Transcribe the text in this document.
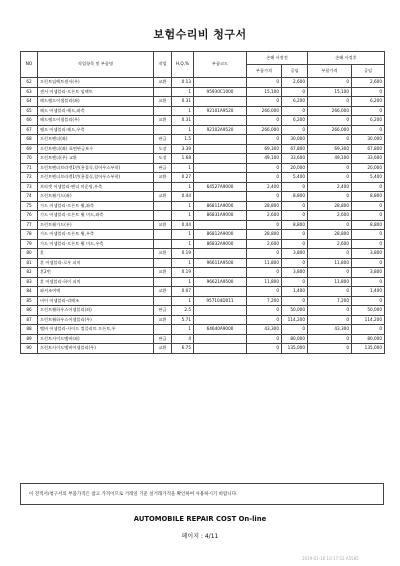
보험수리비 청구서
NO	작업항목 및 부품명	작업	H,Q,%	부품코드	손해 사정전		손해 사정후	
					부품가격	공임	부품가격	공임
62	프런트임팩트센서(우)	교환	0.13		0	2,600	0	2,600
63	센서 어셈블리-프론트 임팩트		1	95930C1000	15,100	0	15,100	0
64	헤드램프어셈블리(좌)	교환	0.31		0	6,200	0	6,200
65	헤드 어셈블리-헤드,좌측		1	92101A9520	266,000	0	266,000	0
66	헤드램프어셈블리(우)	교환	0.31		0	6,200	0	6,200
67	램프 어셈블리-헤드,우측		1	92102A9520	266,000	0	266,000	0
68	프런트펜더(좌)	판금	1.5		0	30,000	0	30,000
69	프런트펜더(좌) 표면판금보수	도장	3.39		69,300	67,800	69,300	67,800
70	프런트펜더(우) 교환	도장	1.68		49,100	33,600	49,100	33,600
71	프런트펜더브라켓1번(용접식,할아우스부착)	판금	1		0	20,000	0	20,000
72	프런트펜더브라켓1번(용접식,할아우스부착)	교환	0.27		0	5,400	0	5,400
73	브라켓 어셈블리-펜더 마운팅,우측		1	64527A9000	2,400	0	2,400	0
74	프런트휠가드(좌)	교환	0.44		0	8,800	0	8,800
75	가드 어셈블리-프론트 휠,좌측		1	86811A9000	28,800	0	28,800	0
76	가드 어셈블리-프론트 휠 머드,좌측		1	86831A9000	2,600	0	2,600	0
77	프런트휠가드(우)	교환	0.44		0	8,800	0	8,800
78	가드 어셈블리-프론트 휠,우측		1	86812A9000	28,800	0	28,800	0
79	가드 어셈블리-프론트 휠 머드,우측		1	86832A9000	2,600	0	2,600	0
80	혼	교환	0.19		0	3,800	0	3,800
81	혼 어셈블리-로우 피치		1	96611A9500	11,800	0	11,800	0
82	혼2번	교환	0.19		0	3,800	0	3,800
83	혼 어셈블리-하이 피치		1	96621A9500	11,800	0	11,800	0
84	와셔조여액	교환	0.07		0	1,400	0	1,400
85	비어 어셈블리-리베조		1	957104D011	7,200	0	7,200	0
86	프런트휠하우스어셈블리(좌)	판금	2.5		0	50,000	0	50,000
87	프런트휠하우스어셈블리(우)	교환	5.71		0	114,200	0	114,200
88	멤버 어셈블리-사이드 컴플리트 프론트,우		1	64640A9000	43,300	0	43,300	0
89	프런트사이드멤버(좌)	판금	4		0	80,000	0	80,000
90	프런트사이드멤버어셈블리(우)	교환	6.75		0	135,000	0	135,000
이 견적서/청구서의 부품가격은 참고 가격이므로 거래일 기준 실거래가격을 확인하여 사용하시기 바랍니다.
AUTOMOBILE REPAIR COST On-line
페이지 : 4/11
2019-01-16 10:17:52 A5585
